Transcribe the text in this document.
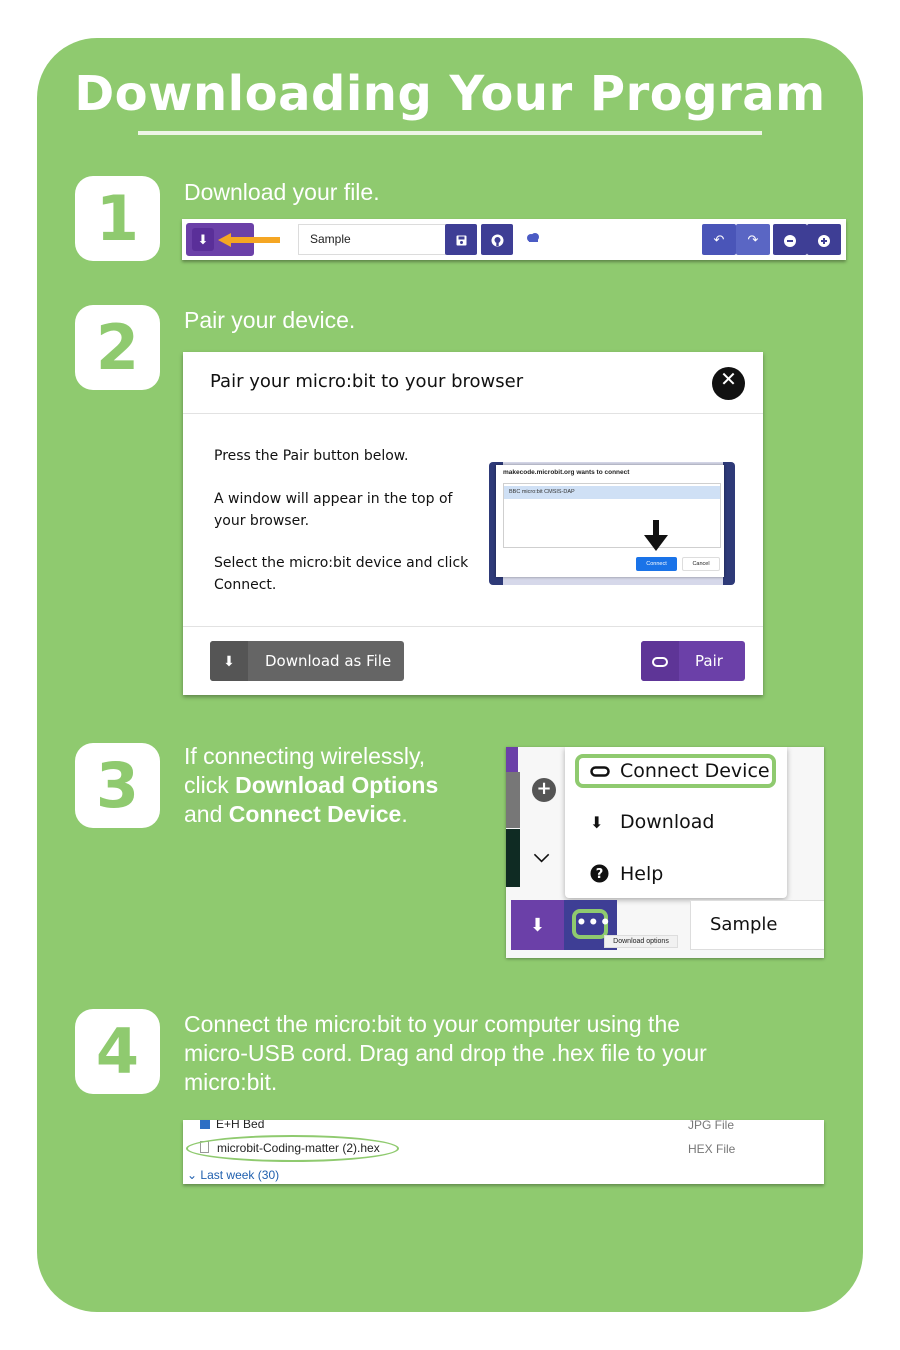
Downloading Your Program
1	Download your file.
⬇	Sample	↶	↷
2	Pair your device.
Pair your micro:bit to your browser	✕
Press the Pair button below.
A window will appear in the top of
your browser.
Select the micro:bit device and click
Connect.
makecode.microbit.org wants to connect
BBC micro:bit CMSIS-DAP
Connect	Cancel
⬇	Download as File	Pair
3	If connecting wirelessly,
click Download Options
and Connect Device.
+
⌵
Connect Device
⬇ Download
? Help
⬇	•••
Download options
Sample
4	Connect the micro:bit to your computer using the
micro-USB cord. Drag and drop the .hex file to your
micro:bit.
E+H Bed	JPG File
microbit-Coding-matter (2).hex	HEX File
⌄ Last week (30)
